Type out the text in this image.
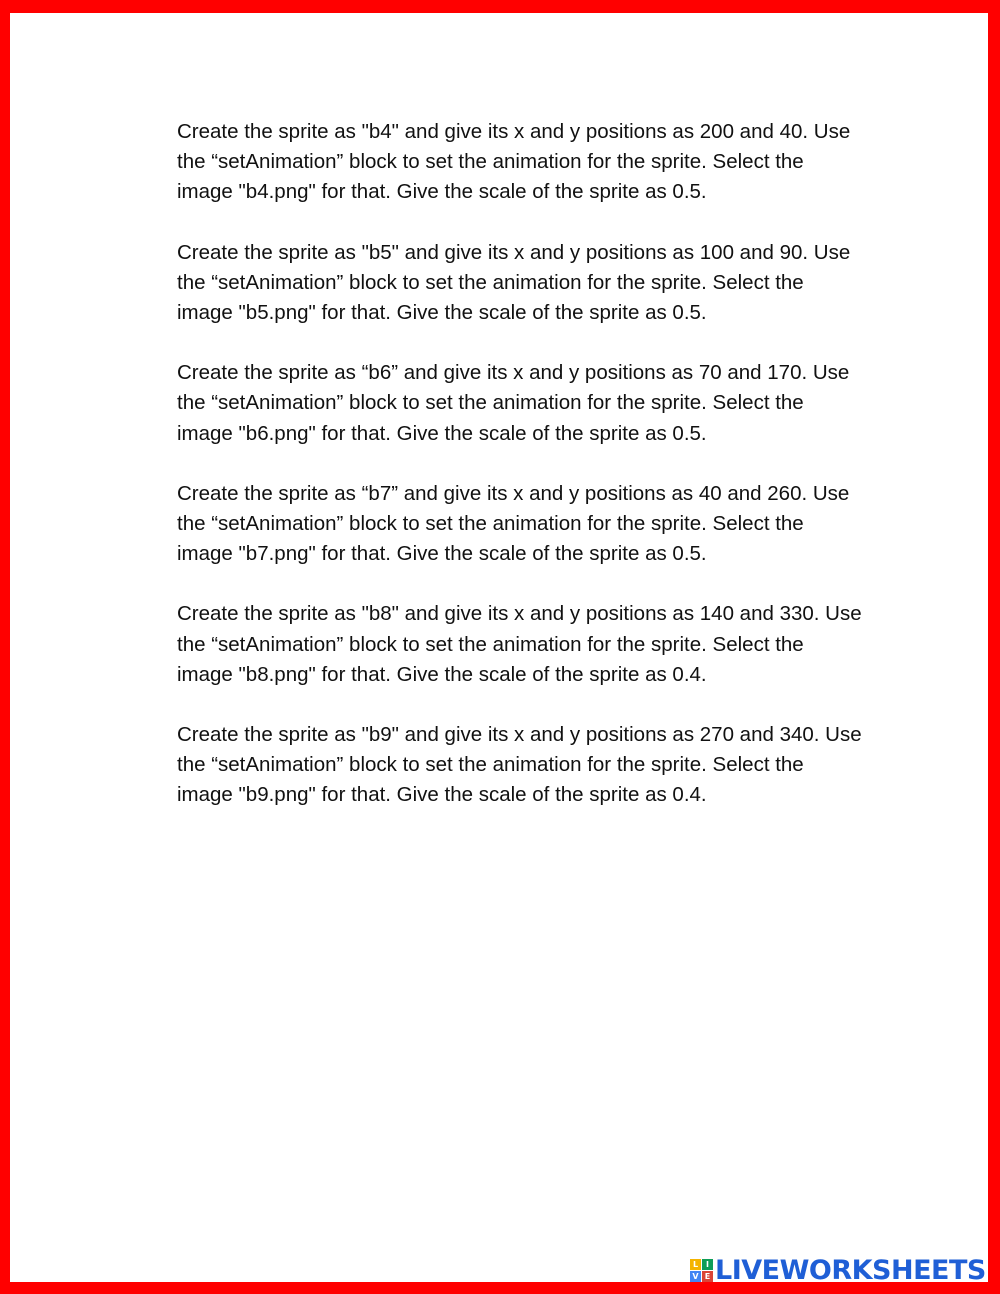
Create the sprite as "b4" and give its x and y positions as 200 and 40. Use
the “setAnimation” block to set the animation for the sprite. Select the
image "b4.png" for that. Give the scale of the sprite as 0.5.

Create the sprite as "b5" and give its x and y positions as 100 and 90. Use
the “setAnimation” block to set the animation for the sprite. Select the
image "b5.png" for that. Give the scale of the sprite as 0.5.

Create the sprite as “b6” and give its x and y positions as 70 and 170. Use
the “setAnimation” block to set the animation for the sprite. Select the
image "b6.png" for that. Give the scale of the sprite as 0.5.

Create the sprite as “b7” and give its x and y positions as 40 and 260. Use
the “setAnimation” block to set the animation for the sprite. Select the
image "b7.png" for that. Give the scale of the sprite as 0.5.

Create the sprite as "b8" and give its x and y positions as 140 and 330. Use
the “setAnimation” block to set the animation for the sprite. Select the
image "b8.png" for that. Give the scale of the sprite as 0.4.

Create the sprite as "b9" and give its x and y positions as 270 and 340. Use
the “setAnimation” block to set the animation for the sprite. Select the
image "b9.png" for that. Give the scale of the sprite as 0.4.

L I
V E LIVEWORKSHEETS
